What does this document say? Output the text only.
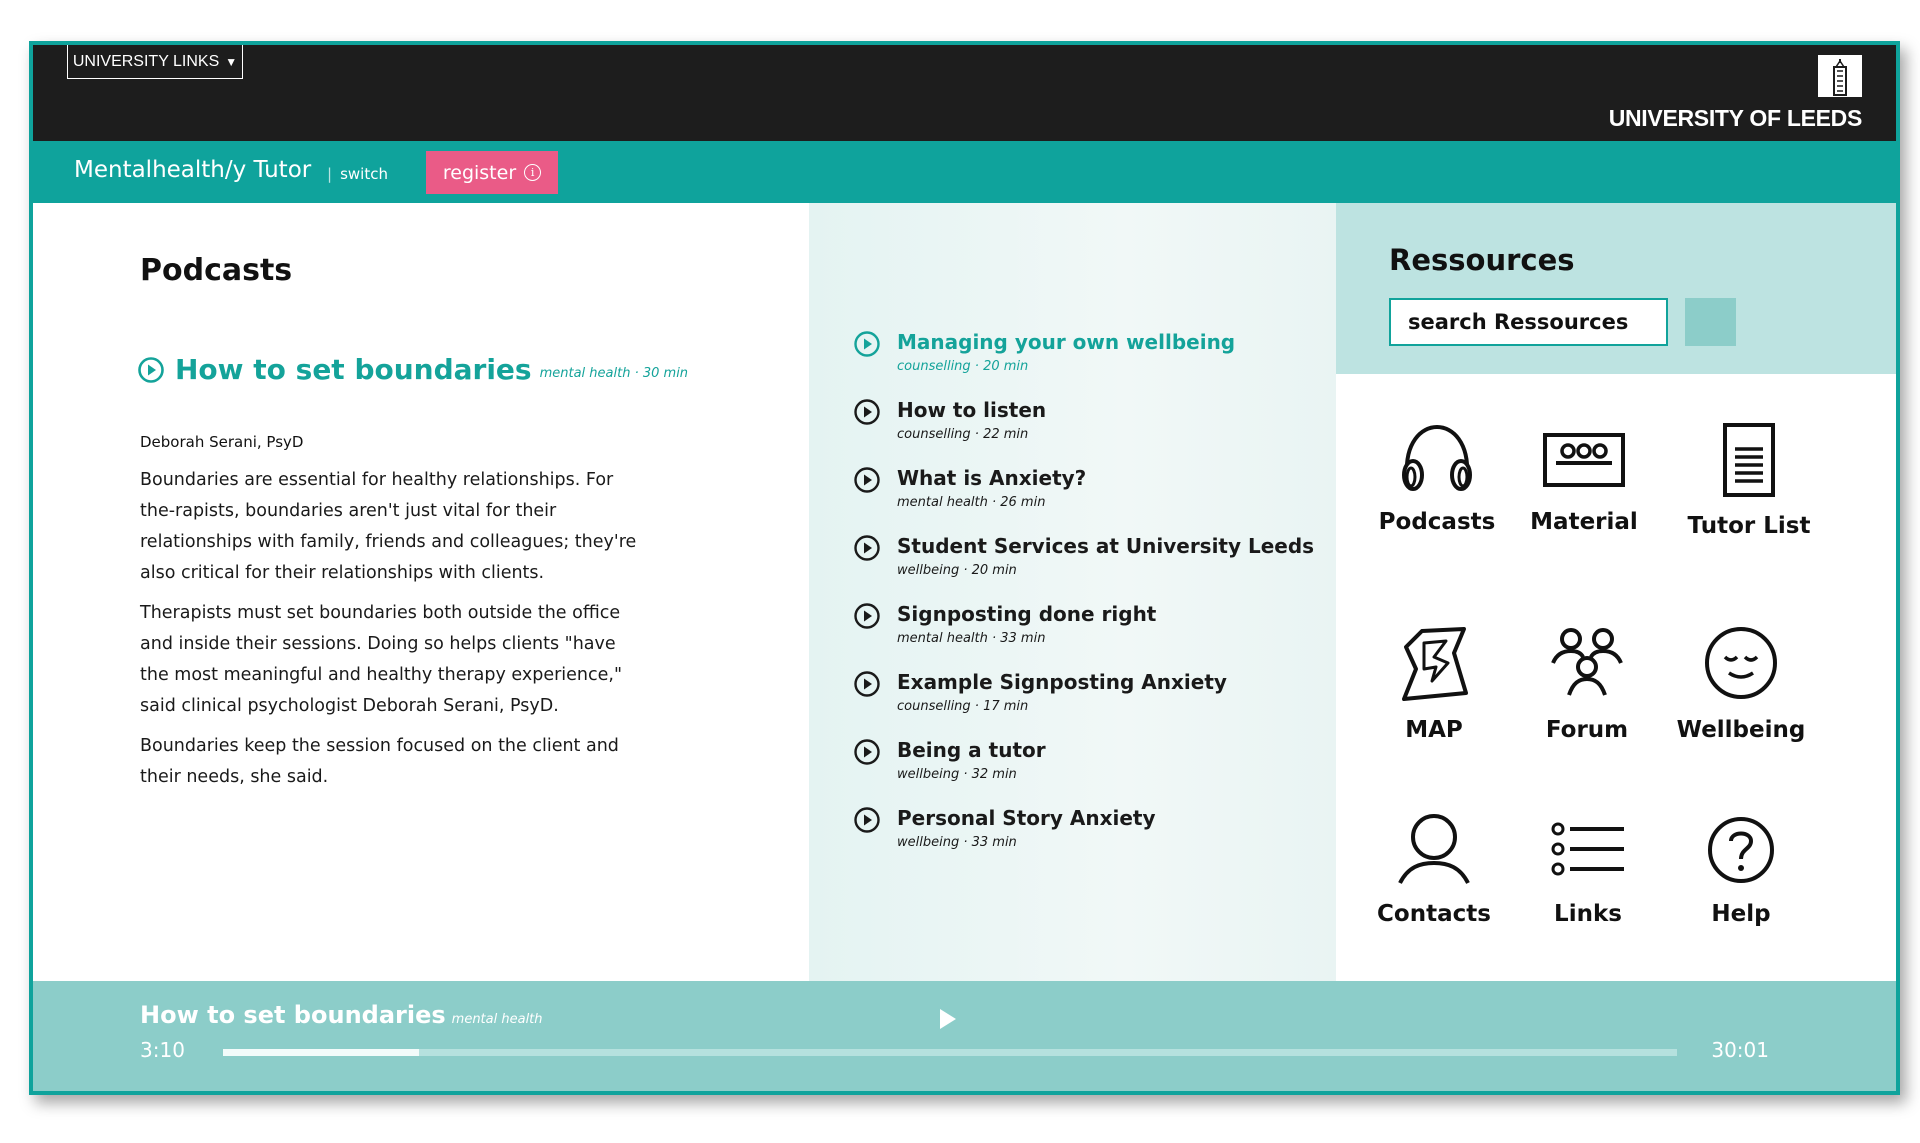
UNIVERSITY LINKS ▼
UNIVERSITY OF LEEDS
Mentalhealth/y Tutor | switch	register	i
Podcasts
How to set boundaries mental health · 30 min
Deborah Serani, PsyD

Boundaries are essential for healthy relationships. For the-rapists, boundaries aren't just vital for their relationships with family, friends and colleagues; they're also critical for their relationships with clients.

Therapists must set boundaries both outside the office and inside their sessions. Doing so helps clients "have the most meaningful and healthy therapy experience," said clinical psychologist Deborah Serani, PsyD.

Boundaries keep the session focused on the client and their needs, she said.

Managing your own wellbeing
counselling · 20 min
How to listen
counselling · 22 min
What is Anxiety?
mental health · 26 min
Student Services at University Leeds
wellbeing · 20 min
Signposting done right
mental health · 33 min
Example Signposting Anxiety
counselling · 17 min
Being a tutor
wellbeing · 32 min
Personal Story Anxiety
wellbeing · 33 min
Ressources
search Ressources
Podcasts	Material	Tutor List
MAP	Forum	Wellbeing
Contacts	Links	Help
How to set boundaries mental health
3:10	30:01
